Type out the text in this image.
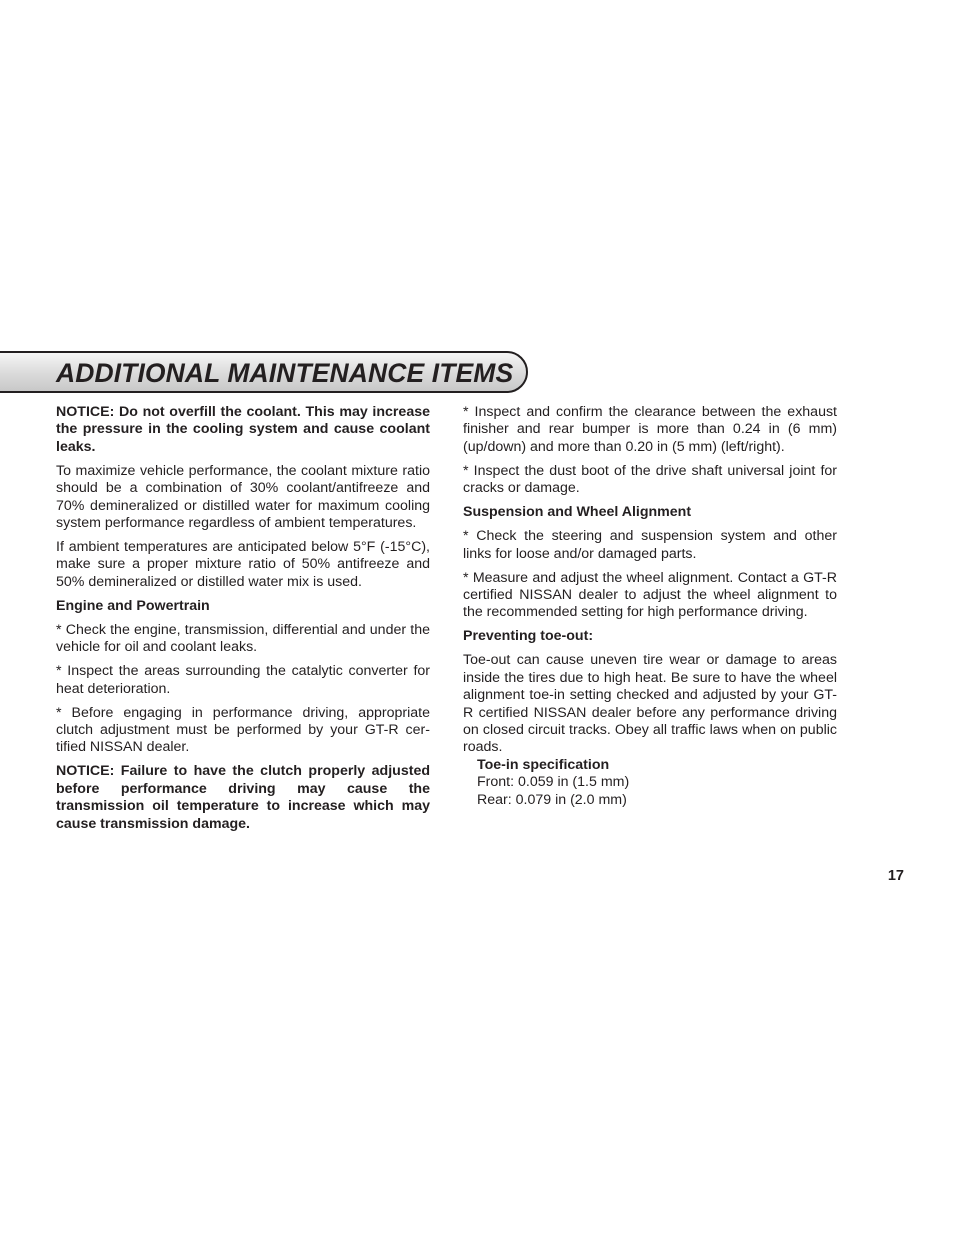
ADDITIONAL MAINTENANCE ITEMS

NOTICE: Do not overfill the coolant. This may increase the pressure in the cooling system and cause coolant leaks.

To maximize vehicle performance, the coolant mixture ratio should be a combination of 30% coolant/antifreeze and 70% demineralized or distilled water for maximum cooling system performance regardless of ambient temperatures.

If ambient temperatures are anticipated below 5°F (-15°C), make sure a proper mixture ratio of 50% antifreeze and 50% demineralized or distilled water mix is used.

Engine and Powertrain

* Check the engine, transmission, differential and under the vehicle for oil and coolant leaks.

* Inspect the areas surrounding the catalytic converter for heat deterioration.

* Before engaging in performance driving, appropriate clutch adjustment must be performed by your GT-R certified NISSAN dealer.

NOTICE: Failure to have the clutch properly adjusted before performance driving may cause the transmission oil temperature to increase which may cause transmission damage.

* Inspect and confirm the clearance between the exhaust finisher and rear bumper is more than 0.24 in (6 mm) (up/down) and more than 0.20 in (5 mm) (left/right).

* Inspect the dust boot of the drive shaft universal joint for cracks or damage.

Suspension and Wheel Alignment

* Check the steering and suspension system and other links for loose and/or damaged parts.

* Measure and adjust the wheel alignment. Contact a GT-R certified NISSAN dealer to adjust the wheel alignment to the recommended setting for high performance driving.

Preventing toe-out:

Toe-out can cause uneven tire wear or damage to areas inside the tires due to high heat. Be sure to have the wheel alignment toe-in setting checked and adjusted by your GT-R certified NISSAN dealer before any performance driving on closed circuit tracks. Obey all traffic laws when on public roads.

Toe-in specification
Front: 0.059 in (1.5 mm)
Rear: 0.079 in (2.0 mm)
17
